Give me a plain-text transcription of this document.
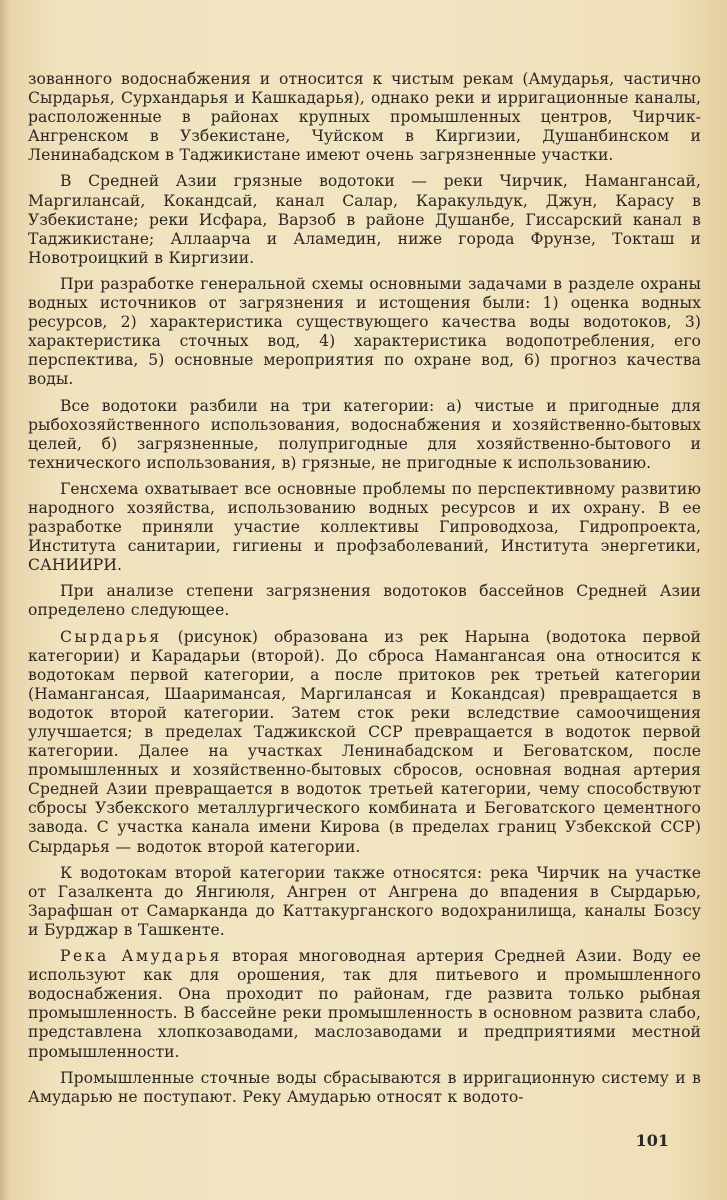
зованного водоснабжения и относится к чистым рекам (Амударья, частично Сырдарья, Сурхандарья и Кашкадарья), однако реки и ирригационные каналы, расположенные в районах крупных промышленных центров, Чирчик-Ангренском в Узбекистане, Чуйском в Киргизии, Душанбинском и Ленинабадском в Таджикистане имеют очень загрязненные участки.

В Средней Азии грязные водотоки — реки Чирчик, Намангансай, Маргилансай, Кокандсай, канал Салар, Каракульдук, Джун, Карасу в Узбекистане; реки Исфара, Варзоб в районе Душанбе, Гиссарский канал в Таджикистане; Аллаарча и Аламедин, ниже города Фрунзе, Токташ и Новотроицкий в Киргизии.

При разработке генеральной схемы основными задачами в разделе охраны водных источников от загрязнения и истощения были: 1) оценка водных ресурсов, 2) характеристика существующего качества воды водотоков, 3) характеристика сточных вод, 4) характеристика водопотребления, его перспектива, 5) основные мероприятия по охране вод, 6) прогноз качества воды.

Все водотоки разбили на три категории: а) чистые и пригодные для рыбохозяйственного использования, водоснабжения и хозяйственно-бытовых целей, б) загрязненные, полупригодные для хозяйственно-бытового и технического использования, в) грязные, не пригодные к использованию.

Генсхема охватывает все основные проблемы по перспективному развитию народного хозяйства, использованию водных ресурсов и их охрану. В ее разработке приняли участие коллективы Гипроводхоза, Гидропроекта, Института санитарии, гигиены и профзаболеваний, Института энергетики, САНИИРИ.

При анализе степени загрязнения водотоков бассейнов Средней Азии определено следующее.

Сырдарья (рисунок) образована из рек Нарына (водотока первой категории) и Карадарьи (второй). До сброса Намангансая она относится к водотокам первой категории, а после притоков рек третьей категории (Намангансая, Шааримансая, Маргилансая и Кокандсая) превращается в водоток второй категории. Затем сток реки вследствие самоочищения улучшается; в пределах Таджикской ССР превращается в водоток первой категории. Далее на участках Ленинабадском и Беговатском, после промышленных и хозяйственно-бытовых сбросов, основная водная артерия Средней Азии превращается в водоток третьей категории, чему способствуют сбросы Узбекского металлургического комбината и Беговатского цементного завода. С участка канала имени Кирова (в пределах границ Узбекской ССР) Сырдарья — водоток второй категории.

К водотокам второй категории также относятся: река Чирчик на участке от Газалкента до Янгиюля, Ангрен от Ангрена до впадения в Сырдарью, Зарафшан от Самарканда до Каттакурганского водохранилища, каналы Бозсу и Бурджар в Ташкенте.

Река Амударья вторая многоводная артерия Средней Азии. Воду ее используют как для орошения, так для питьевого и промышленного водоснабжения. Она проходит по районам, где развита только рыбная промышленность. В бассейне реки промышленность в основном развита слабо, представлена хлопкозаводами, маслозаводами и предприятиями местной промышленности.

Промышленные сточные воды сбрасываются в ирригационную систему и в Амударью не поступают. Реку Амударью относят к водото-

101
